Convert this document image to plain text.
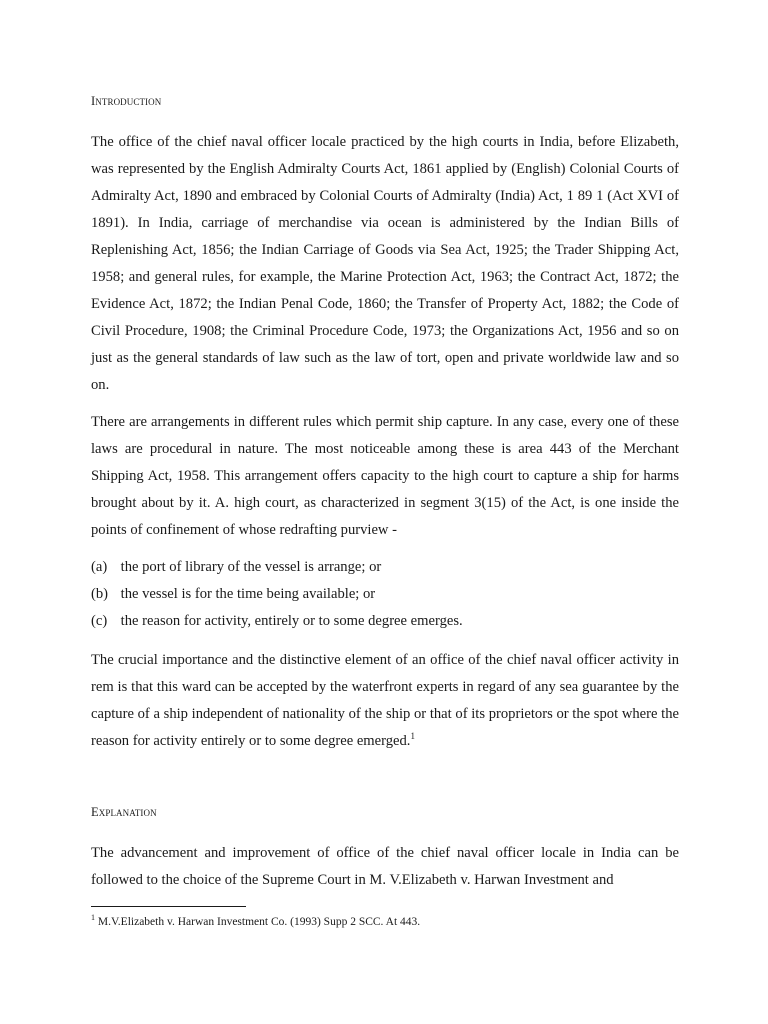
Introduction

The office of the chief naval officer locale practiced by the high courts in India, before Elizabeth, was represented by the English Admiralty Courts Act, 1861 applied by (English) Colonial Courts of Admiralty Act, 1890 and embraced by Colonial Courts of Admiralty (India) Act, 1 89 1 (Act XVI of 1891). In India, carriage of merchandise via ocean is administered by the Indian Bills of Replenishing Act, 1856; the Indian Carriage of Goods via Sea Act, 1925; the Trader Shipping Act, 1958; and general rules, for example, the Marine Protection Act, 1963; the Contract Act, 1872; the Evidence Act, 1872; the Indian Penal Code, 1860; the Transfer of Property Act, 1882; the Code of Civil Procedure, 1908; the Criminal Procedure Code, 1973; the Organizations Act, 1956 and so on just as the general standards of law such as the law of tort, open and private worldwide law and so on.

There are arrangements in different rules which permit ship capture. In any case, every one of these laws are procedural in nature. The most noticeable among these is area 443 of the Merchant Shipping Act, 1958. This arrangement offers capacity to the high court to capture a ship for harms brought about by it. A. high court, as characterized in segment 3(15) of the Act, is one inside the points of confinement of whose redrafting purview -

(a) the port of library of the vessel is arrange; or
(b) the vessel is for the time being available; or
(c) the reason for activity, entirely or to some degree emerges.

The crucial importance and the distinctive element of an office of the chief naval officer activity in rem is that this ward can be accepted by the waterfront experts in regard of any sea guarantee by the capture of a ship independent of nationality of the ship or that of its proprietors or the spot where the reason for activity entirely or to some degree emerged.$^1$

Explanation

The advancement and improvement of office of the chief naval officer locale in India can be followed to the choice of the Supreme Court in M. V.Elizabeth v. Harwan Investment and

$^1$ M.V.Elizabeth v. Harwan Investment Co. (1993) Supp 2 SCC. At 443.
